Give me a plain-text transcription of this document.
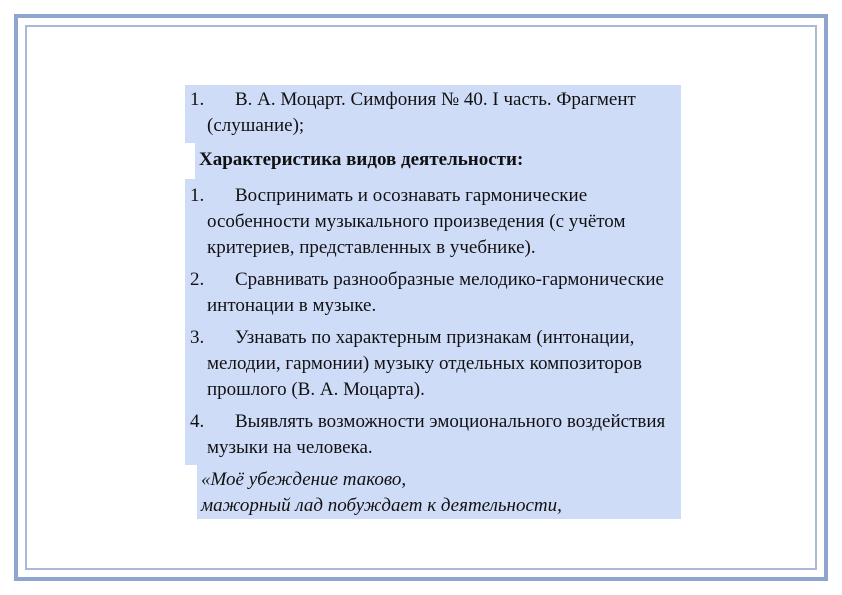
1.	В. А. Моцарт. Симфония № 40. I часть. Фрагмент (слушание);
Характеристика видов деятельности:
1.	Воспринимать и осознавать гармонические особенности музыкального произведения (с учётом критериев, представленных в учебнике).
2.	Сравнивать разнообразные мелодико-гармонические интонации в музыке.
3.	Узнавать по характерным признакам (интонации, мелодии, гармонии) музыку отдельных композиторов прошлого (В. А. Моцарта).
4.	Выявлять возможности эмоционального воздействия музыки на человека.
«Моё убеждение таково,
мажорный лад побуждает к деятельности,
